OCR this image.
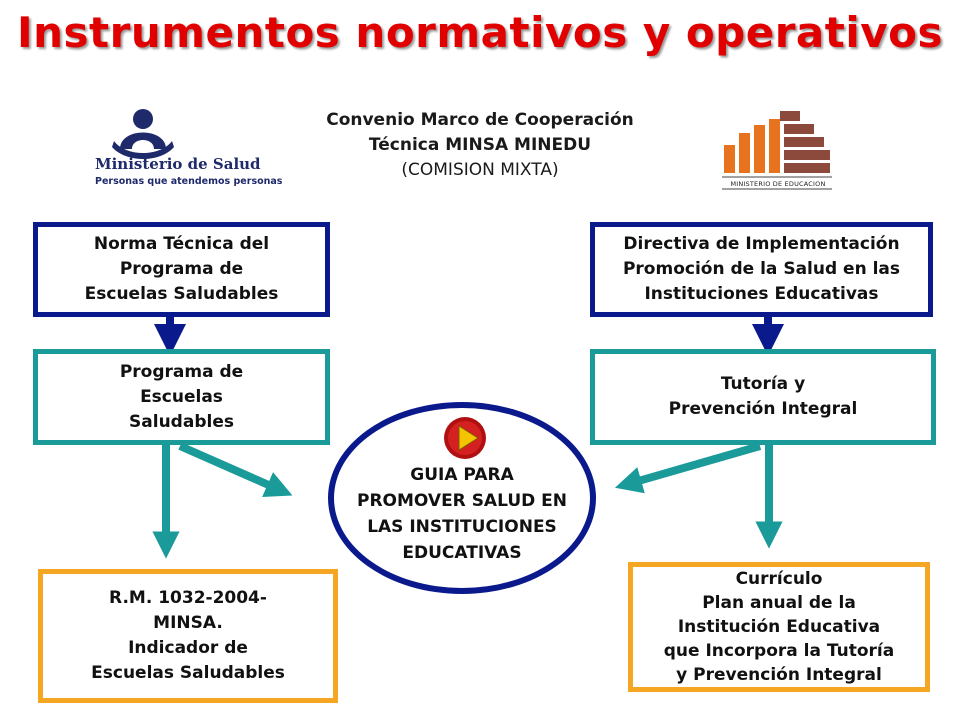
Instrumentos normativos y operativos
Ministerio de Salud
Personas que atendemos personas
Convenio Marco de Cooperación
Técnica MINSA MINEDU
(COMISION MIXTA)
MINISTERIO DE EDUCACION
Norma Técnica del
Programa de
Escuelas Saludables
Directiva de Implementación
Promoción de la Salud en las
Instituciones Educativas
Programa de
Escuelas
Saludables
Tutoría y
Prevención Integral
R.M. 1032-2004-
MINSA.
Indicador de
Escuelas Saludables
Currículo
Plan anual de la
Institución Educativa
que Incorpora la Tutoría
y Prevención Integral
GUIA PARA
PROMOVER SALUD EN
LAS INSTITUCIONES
EDUCATIVAS
